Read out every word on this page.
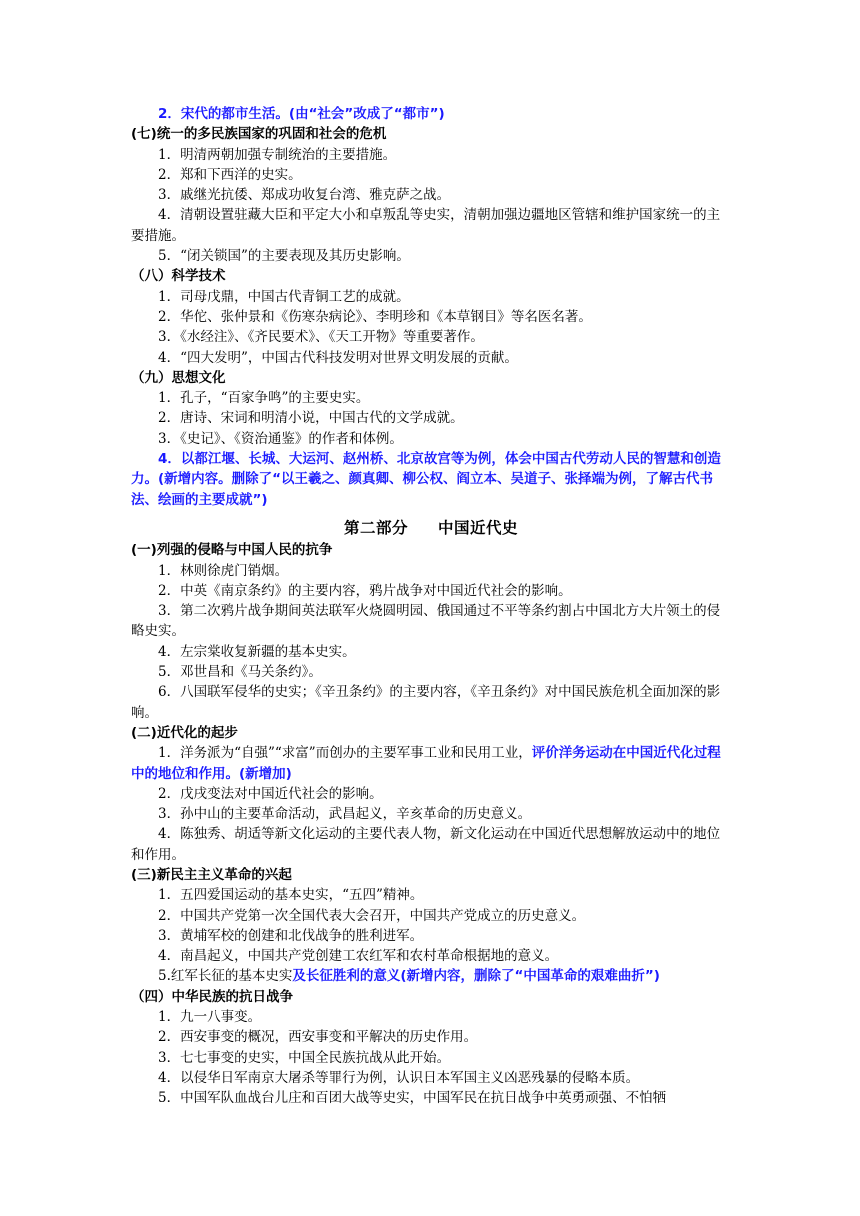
2．宋代的都市生活。(由“社会”改成了“都市”)
(七)统一的多民族国家的巩固和社会的危机
1．明清两朝加强专制统治的主要措施。
2．郑和下西洋的史实。
3．戚继光抗倭、郑成功收复台湾、雅克萨之战。
4．清朝设置驻藏大臣和平定大小和卓叛乱等史实，清朝加强边疆地区管辖和维护国家统一的主要措施。
5．“闭关锁国”的主要表现及其历史影响。
（八）科学技术
1．司母戊鼎，中国古代青铜工艺的成就。
2．华佗、张仲景和《伤寒杂病论》、李明珍和《本草钢目》等名医名著。
3．《水经注》、《齐民要术》、《天工开物》等重要著作。
4．“四大发明”，中国古代科技发明对世界文明发展的贡献。
（九）思想文化
1．孔子，“百家争鸣”的主要史实。
2．唐诗、宋词和明清小说，中国古代的文学成就。
3．《史记》、《资治通鉴》的作者和体例。
4．以都江堰、长城、大运河、赵州桥、北京故宫等为例，体会中国古代劳动人民的智慧和创造力。(新增内容。删除了“以王羲之、颜真卿、柳公权、阎立本、吴道子、张择端为例，了解古代书法、绘画的主要成就”)
第二部分 中国近代史
(一)列强的侵略与中国人民的抗争
1．林则徐虎门销烟。
2．中英《南京条约》的主要内容，鸦片战争对中国近代社会的影响。
3．第二次鸦片战争期间英法联军火烧圆明园、俄国通过不平等条约割占中国北方大片领土的侵略史实。
4．左宗棠收复新疆的基本史实。
5．邓世昌和《马关条约》。
6．八国联军侵华的史实；《辛丑条约》的主要内容，《辛丑条约》对中国民族危机全面加深的影响。
(二)近代化的起步
1．洋务派为“自强”“求富”而创办的主要军事工业和民用工业，评价洋务运动在中国近代化过程中的地位和作用。(新增加)
2．戊戌变法对中国近代社会的影响。
3．孙中山的主要革命活动，武昌起义，辛亥革命的历史意义。
4．陈独秀、胡适等新文化运动的主要代表人物，新文化运动在中国近代思想解放运动中的地位和作用。
(三)新民主主义革命的兴起
1．五四爱国运动的基本史实，“五四”精神。
2．中国共产党第一次全国代表大会召开，中国共产党成立的历史意义。
3．黄埔军校的创建和北伐战争的胜利进军。
4．南昌起义，中国共产党创建工农红军和农村革命根据地的意义。
5.红军长征的基本史实及长征胜利的意义(新增内容，删除了“中国革命的艰难曲折”)
（四）中华民族的抗日战争
1．九一八事变。
2．西安事变的概况，西安事变和平解决的历史作用。
3．七七事变的史实，中国全民族抗战从此开始。
4．以侵华日军南京大屠杀等罪行为例，认识日本军国主义凶恶残暴的侵略本质。
5．中国军队血战台儿庄和百团大战等史实，中国军民在抗日战争中英勇顽强、不怕牺
